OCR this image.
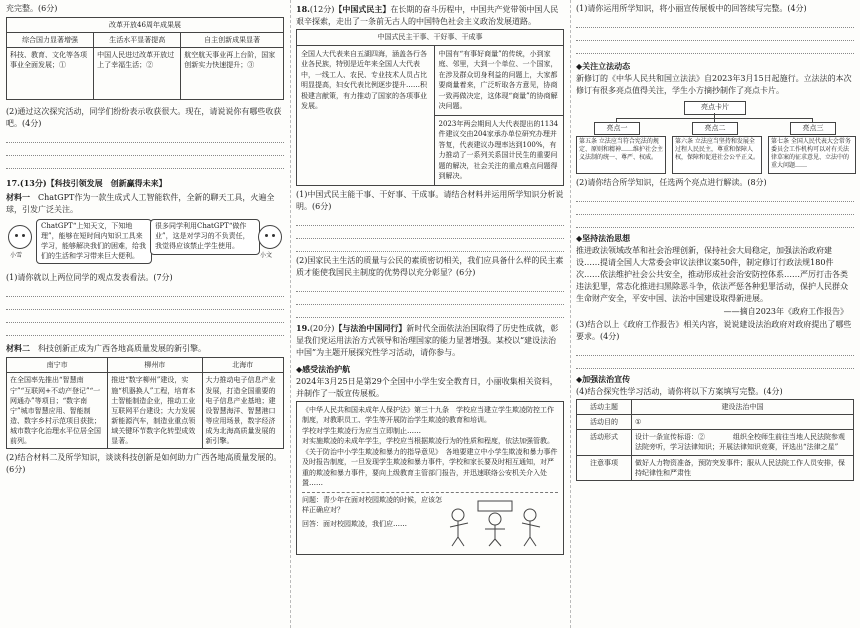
充完整。(6分)

改革开放46周年成果展		
综合国力显著增强	生活水平显著提高	自主创新成果显著
科技、教育、文化等各项事业全面发展；①	中国人民进过改革开放过上了幸福生活；②	航空航天事业再上台阶，国家创新实力快速提升；③

(2)通过这次探究活动，同学们纷纷表示收获很大。现在，请说说你有哪些收获吧。(4分)

17.(13分)【科技引领发展　创新赢得未来】

材料一　 ChatGPT作为一款生成式人工智能软件，全新的聊天工具，火遍全球，引发广泛关注。

小雪
ChatGPT“上知天文，下知地理”，能够在短时间内知识工具来学习，能够解决我们的困难，给我们的生活和学习带来巨大便利。
很多同学利用ChatGPT“做作业”，这是对学习的不负责任，我觉得应该禁止学生使用。
小文

(1)请你就以上两位同学的观点发表看法。(7分)

材料二　 科技创新正成为广西各地高质量发展的新引擎。

南宁市	柳州市	北海市
在全国率先推出“智慧南宁”“互联网+不动产登记”“一网通办”等项目；“数字南宁”城市智慧应用、智能制造、数字乡村示范项目获批；城市数字化治理水平位居全国前列。	推进“数字柳州”建设，实施“机器换人”工程，培育本土智能制造企业，推动工业互联网平台建设；大力发展新能源汽车，制造业重点领域关键环节数字化转型成效显著。	大力推动电子信息产业发展，打造全国重要的电子信息产业基地；建设智慧海洋、智慧港口等应用场景，数字经济成为北海高质量发展的新引擎。

(2)结合材料二及所学知识，谈谈科技创新是如何助力广西各地高质量发展的。(6分)

18.(12分)【中国式民主】在长期的奋斗历程中，中国共产党带领中国人民艰辛探索，走出了一条前无古人的中国特色社会主义政治发展道路。

中国式民主干事、干好事、干成事
全国人大代表来自五湖四海，涵盖各行各业各民族，特别是近年来全国人大代表中，一线工人、农民、专业技术人员占比明显提高，妇女代表比例逐步提升……积极建言献策，有力推动了国家的各项事业发展。
中国有“有事好商量”的传统，小到家庭、邻里，大到一个单位、一个国家，在涉及群众切身利益的问题上，大家都要商量着来，广泛听取各方意见，协商一致再做决定，这体现“商量”的协商解决问题。
2023年两会期间人大代表提出的1134件建议交由204家承办单位研究办理并答复，代表建议办理率达到100%，有力推动了一系列关系国计民生的重要问题的解决，社会关注的重点难点问题得到解决。

(1)中国式民主能干事、干好事、干成事。请结合材料并运用所学知识分析说明。(6分)

(2)国家民主生活的质量与公民的素质密切相关，我们应具备什么样的民主素质才能使我国民主制度的优势得以充分彰显？(6分)

19.(20分)【与法治中国同行】新时代全面依法治国取得了历史性成就，彰显我们党运用法治方式领导和治理国家的能力显著增强。某校以“建设法治中国”为主题开展探究性学习活动，请你参与。

◆感受法治护航

2024年3月25日是第29个全国中小学生安全教育日，小丽收集相关资料，并制作了一版宣传展板。

《中华人民共和国未成年人保护法》第三十九条　学校应当建立学生欺凌防控工作制度，对教职员工、学生等开展防治学生欺凌的教育和培训。

学校对学生欺凌行为应当立即制止……

对实施欺凌的未成年学生，学校应当根据欺凌行为的性质和程度，依法加强管教。

《关于防治中小学生欺凌和暴力的指导意见》　各地要建立中小学生欺凌和暴力事件及时报告制度，一旦发现学生欺凌和暴力事件，学校和家长要及时相互通知，对严重的欺凌和暴力事件，要向上级教育主管部门报告，并迅速联络公安机关介入处置……

问题：青少年在面对校园欺凌的时候，应该怎样正确应对？

回答：面对校园欺凌，我们应……

(1)请你运用所学知识，将小丽宣传展板中的回答续写完整。(4分)

◆关注立法动态

新修订的《中华人民共和国立法法》自2023年3月15日起施行。立法法的本次修订有很多亮点值得关注，学生小方摘抄制作了亮点卡片。

亮点卡片
亮点一	亮点二	亮点三
第五条 立法应当符合宪法的规定、原则和精神……维护社会主义法制的统一、尊严、权威。
第六条 立法应当坚持和发展全过程人民民主，尊重和保障人权，保障和促进社会公平正义。
第七条 全国人民代表大会常务委员会工作机构可以对有关法律草案的征求意见、立法中的重大问题……

(2)请你结合所学知识，任选两个亮点进行解读。(8分)

◆坚持法治思想

推进政法领域改革和社会治理创新，保持社会大局稳定，加强法治政府建设……提请全国人大常委会审议法律议案50件，制定修订行政法规180件次……依法维护社会公共安全，推动形成社会治安防控体系……严厉打击各类违法犯罪，常态化推进扫黑除恶斗争，依法严惩各种犯罪活动，保护人民群众生命财产安全，平安中国、法治中国建设取得新进展。

——摘自2023年《政府工作报告》

(3)结合以上《政府工作报告》相关内容，说说建设法治政府对政府提出了哪些要求。(4分)

◆加强法治宣传

(4)结合探究性学习活动，请你将以下方案填写完整。(4分)

活动主题	建设法治中国
活动目的	①
活动形式	设计一条宣传标语：②　　　　组织全校师生前往当地人民法院参观法院旁听，学习法律知识；开展法律知识竞赛，评选出“法律之星”
注意事项	做好人力物资准备，预防突发事件；服从人民法院工作人员安排，保持纪律性和严肃性
